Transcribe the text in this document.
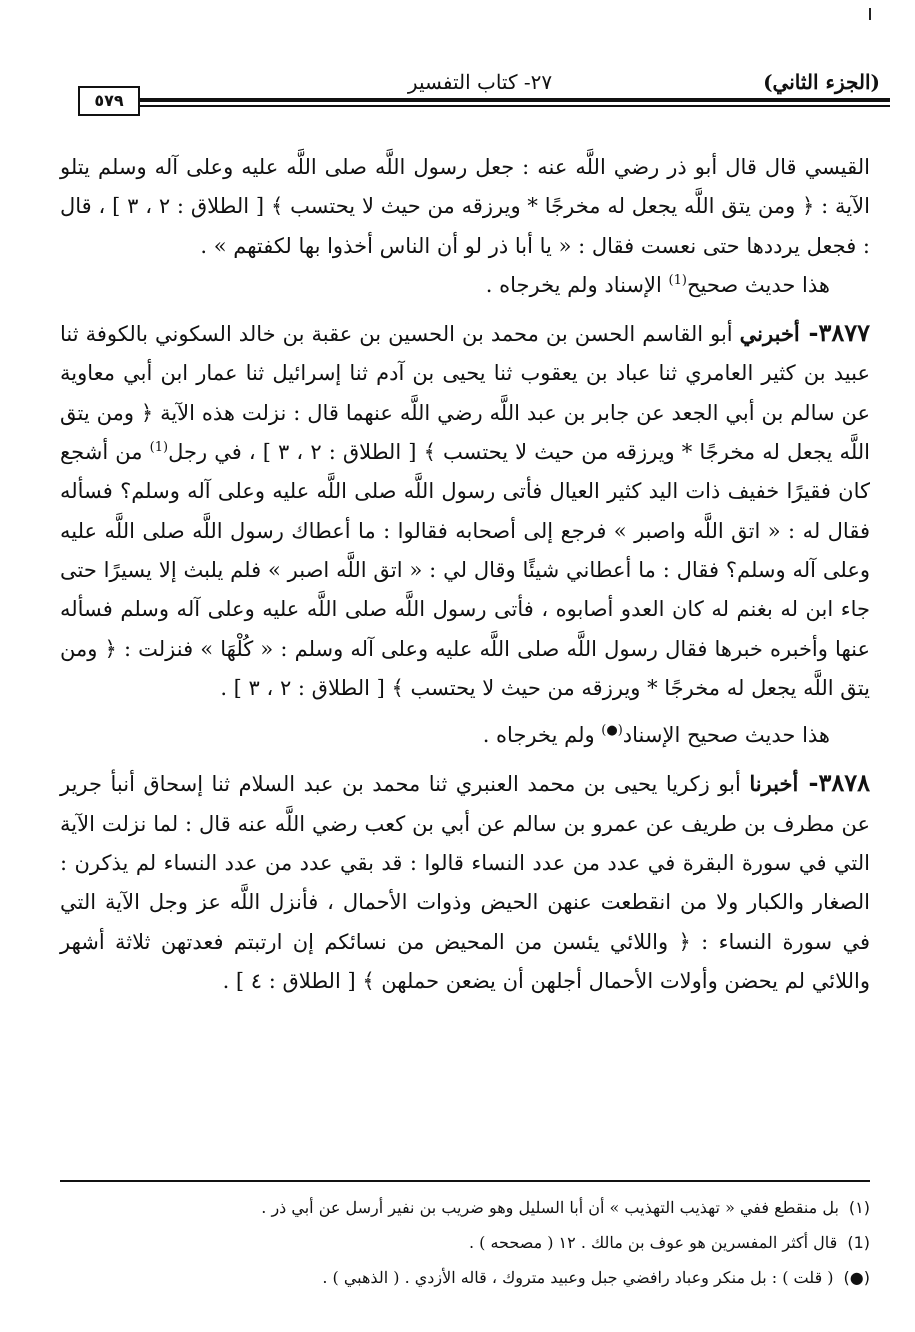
٥٧٩
٢٧- كتاب التفسير	(الجزء الثاني)

القيسي قال قال أبو ذر رضي اللَّه عنه : جعل رسول اللَّه صلى اللَّه عليه وعلى آله وسلم يتلو الآية : ﴿ ومن يتق اللَّه يجعل له مخرجًا * ويرزقه من حيث لا يحتسب ﴾ [ الطلاق : ٢ ، ٣ ] ، قال : فجعل يرددها حتى نعست فقال : « يا أبا ذر لو أن الناس أخذوا بها لكفتهم » .

هذا حديث صحيح$^{(1)}$ الإسناد ولم يخرجاه .

٣٨٧٧- أخبرني أبو القاسم الحسن بن محمد بن الحسين بن عقبة بن خالد السكوني بالكوفة ثنا عبيد بن كثير العامري ثنا عباد بن يعقوب ثنا يحيى بن آدم ثنا إسرائيل ثنا عمار ابن أبي معاوية عن سالم بن أبي الجعد عن جابر بن عبد اللَّه رضي اللَّه عنهما قال : نزلت هذه الآية ﴿ ومن يتق اللَّه يجعل له مخرجًا * ويرزقه من حيث لا يحتسب ﴾ [ الطلاق : ٢ ، ٣ ] ، في رجل$^{(1)}$ من أشجع كان فقيرًا خفيف ذات اليد كثير العيال فأتى رسول اللَّه صلى اللَّه عليه وعلى آله وسلم؟ فسأله فقال له : « اتق اللَّه واصبر » فرجع إلى أصحابه فقالوا : ما أعطاك رسول اللَّه صلى اللَّه عليه وعلى آله وسلم؟ فقال : ما أعطاني شيئًا وقال لي : « اتق اللَّه اصبر » فلم يلبث إلا يسيرًا حتى جاء ابن له بغنم له كان العدو أصابوه ، فأتى رسول اللَّه صلى اللَّه عليه وعلى آله وسلم فسأله عنها وأخبره خبرها فقال رسول اللَّه صلى اللَّه عليه وعلى آله وسلم : « كُلْهَا » فنزلت : ﴿ ومن يتق اللَّه يجعل له مخرجًا * ويرزقه من حيث لا يحتسب ﴾ [ الطلاق : ٢ ، ٣ ] .

هذا حديث صحيح الإسناد(●) ولم يخرجاه .

٣٨٧٨- أخبرنا أبو زكريا يحيى بن محمد العنبري ثنا محمد بن عبد السلام ثنا إسحاق أنبأ جرير عن مطرف بن طريف عن عمرو بن سالم عن أبي بن كعب رضي اللَّه عنه قال : لما نزلت الآية التي في سورة البقرة في عدد من عدد النساء قالوا : قد بقي عدد من عدد النساء لم يذكرن : الصغار والكبار ولا من انقطعت عنهن الحيض وذوات الأحمال ، فأنزل اللَّه عز وجل الآية التي في سورة النساء : ﴿ واللائي يئسن من المحيض من نسائكم إن ارتبتم فعدتهن ثلاثة أشهر واللائي لم يحضن وأولات الأحمال أجلهن أن يضعن حملهن ﴾ [ الطلاق : ٤ ] .

(١)بل منقطع ففي « تهذيب التهذيب » أن أبا السليل وهو ضريب بن نفير أرسل عن أبي ذر .

(1)قال أكثر المفسرين هو عوف بن مالك . ١٢ ( مصححه ) .

(●)( قلت ) : بل منكر وعباد رافضي جبل وعبيد متروك ، قاله الأزدي . ( الذهبي ) .
